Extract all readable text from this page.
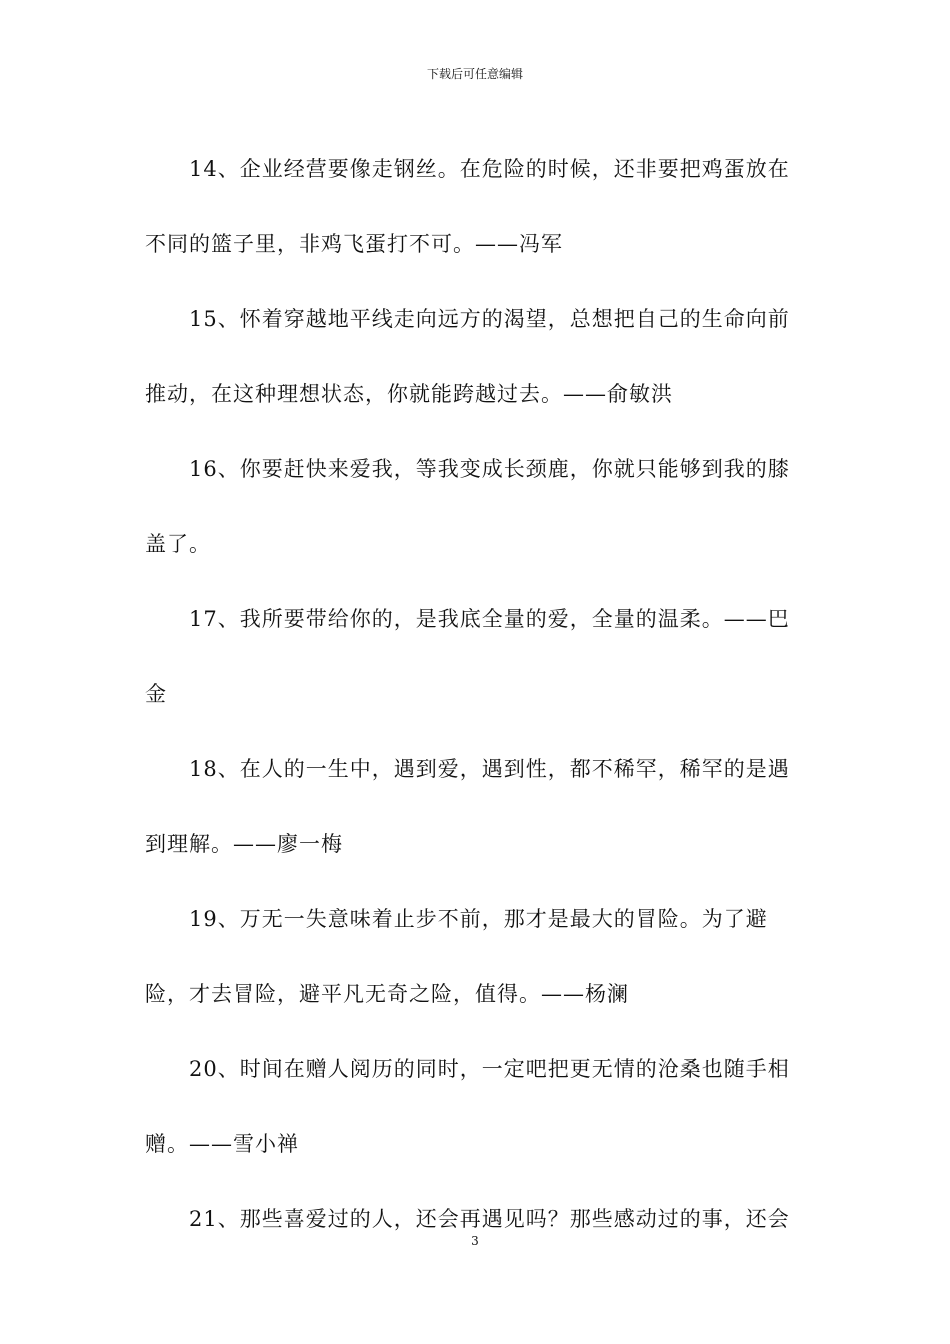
下载后可任意编辑

14、企业经营要像走钢丝。在危险的时候，还非要把鸡蛋放在不同的篮子里，非鸡飞蛋打不可。——冯军

15、怀着穿越地平线走向远方的渴望，总想把自己的生命向前推动，在这种理想状态，你就能跨越过去。——俞敏洪

16、你要赶快来爱我，等我变成长颈鹿，你就只能够到我的膝盖了。

17、我所要带给你的，是我底全量的爱，全量的温柔。——巴金

18、在人的一生中，遇到爱，遇到性，都不稀罕，稀罕的是遇到理解。——廖一梅

19、万无一失意味着止步不前，那才是最大的冒险。为了避险，才去冒险，避平凡无奇之险，值得。——杨澜

20、时间在赠人阅历的同时，一定吧把更无情的沧桑也随手相赠。——雪小禅

21、那些喜爱过的人，还会再遇见吗？那些感动过的事，还会

3
